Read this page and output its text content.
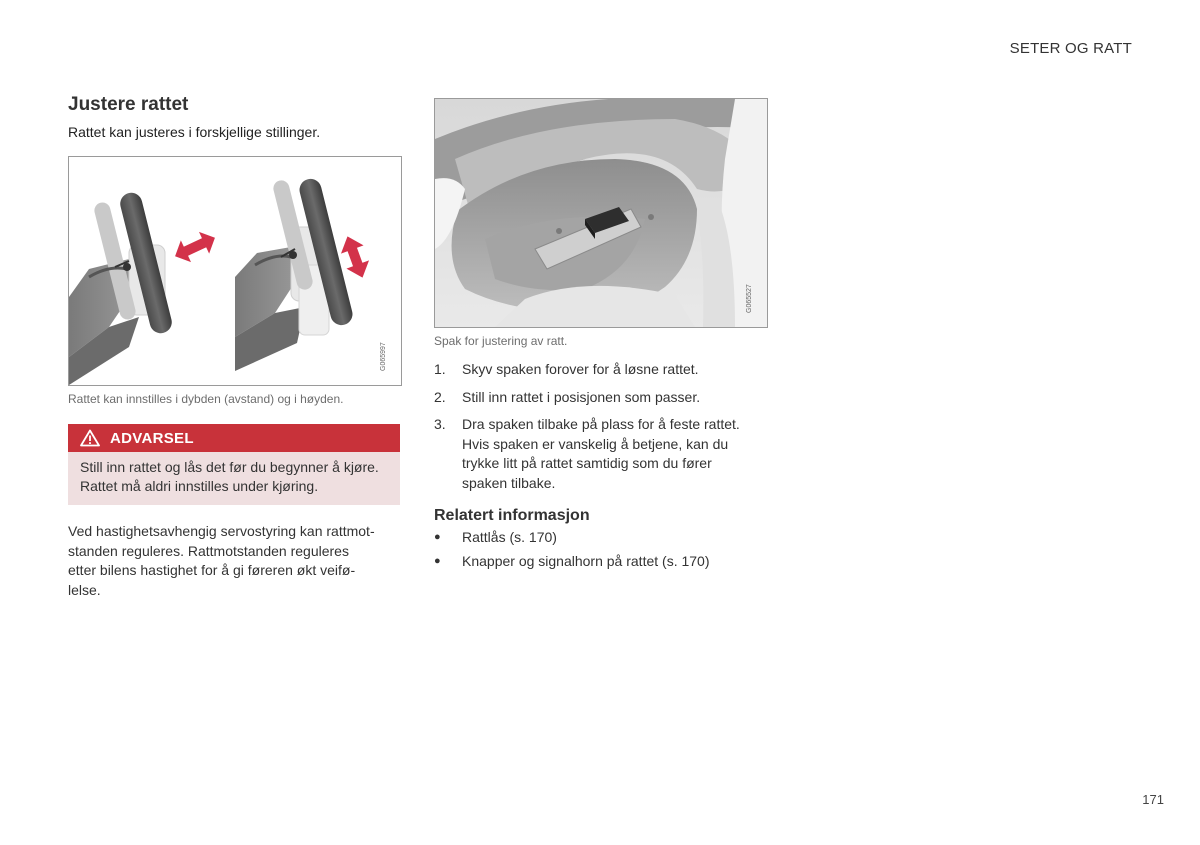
SETER OG RATT
Justere rattet
Rattet kan justeres i forskjellige stillinger.
G065997
Rattet kan innstilles i dybden (avstand) og i høyden.
ADVARSEL
Still inn rattet og lås det før du begynner å kjøre. Rattet må aldri innstilles under kjøring.
Ved hastighetsavhengig servostyring kan rattmot-
standen reguleres. Rattmotstanden reguleres
etter bilens hastighet for å gi føreren økt veifø-
lelse.
G065527
Spak for justering av ratt.
1.	Skyv spaken forover for å løsne rattet.
2.	Still inn rattet i posisjonen som passer.
3.	Dra spaken tilbake på plass for å feste rattet.
Hvis spaken er vanskelig å betjene, kan du
trykke litt på rattet samtidig som du fører
spaken tilbake.
Relatert informasjon
●	Rattlås (s. 170)
●	Knapper og signalhorn på rattet (s. 170)
171
